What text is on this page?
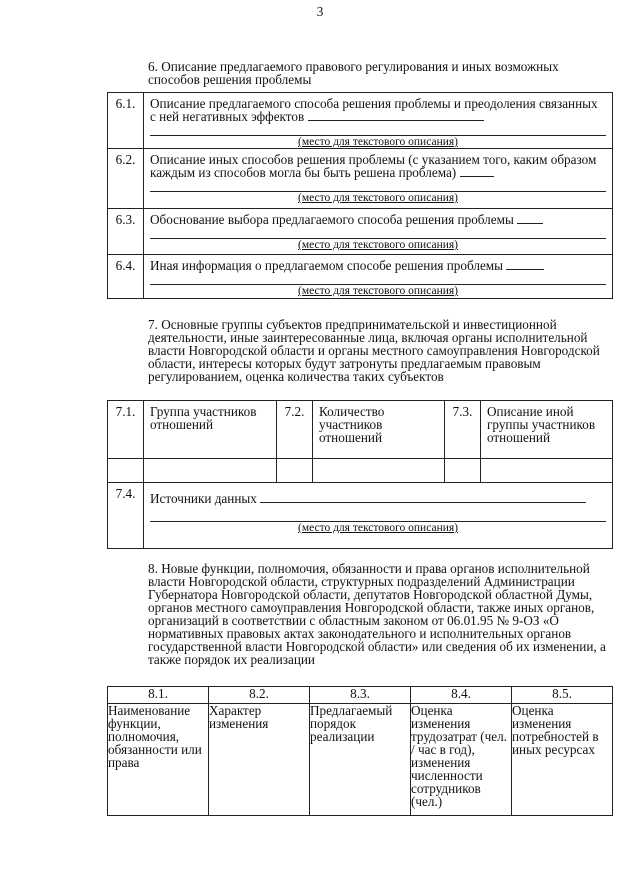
3
6. Описание предлагаемого правового регулирования и иных возможных способов решения проблемы
6.1.	Описание предлагаемого способа решения проблемы и преодоления связанных с ней негативных эффектов
(место для текстового описания)

6.2.	Описание иных способов решения проблемы (с указанием того, каким образом каждым из способов могла бы быть решена проблема)
(место для текстового описания)

6.3.	Обоснование выбора предлагаемого способа решения проблемы
(место для текстового описания)

6.4.	Иная информация о предлагаемом способе решения проблемы
(место для текстового описания)
7. Основные группы субъектов предпринимательской и инвестиционной деятельности, иные заинтересованные лица, включая органы исполнительной власти Новгородской области и органы местного самоуправления Новгородской области, интересы которых будут затронуты предлагаемым правовым регулированием, оценка количества таких субъектов
7.1.	Группа участников отношений	7.2.	Количество участников отношений	7.3.	Описание иной группы участников отношений

7.4.	Источники данных
(место для текстового описания)				
8. Новые функции, полномочия, обязанности и права органов исполнительной власти Новгородской области, структурных подразделений Администрации Губернатора Новгородской области, депутатов Новгородской областной Думы, органов местного самоуправления Новгородской области, также иных органов, организаций в соответствии с областным законом от 06.01.95 № 9-ОЗ «О нормативных правовых актах законодательного и исполнительных органов государственной власти Новгородской области» или сведения об их изменении, а также порядок их реализации
8.1.	8.2.	8.3.	8.4.	8.5.
Наименование функции, полномочия, обязанности или права	Характер изменения	Предлагаемый порядок реализации	Оценка изменения трудозатрат (чел. / час в год), изменения численности сотрудников (чел.)	Оценка изменения потребностей в иных ресурсах
